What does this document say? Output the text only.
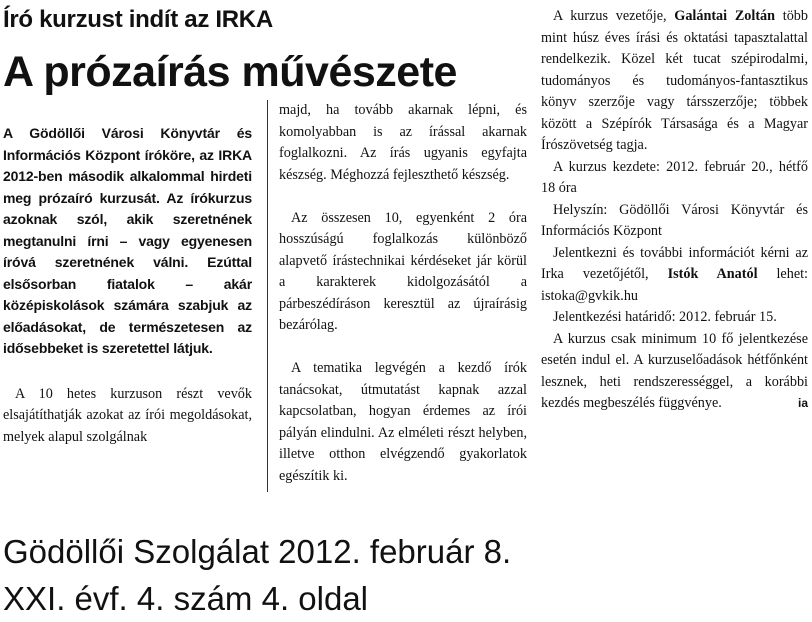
Író kurzust indít az IRKA
A prózaírás művészete

A Gödöllői Városi Könyvtár és Információs Központ íróköre, az IRKA 2012-ben második alkalommal hirdeti meg prózaíró kurzusát. Az írókurzus azoknak szól, akik szeretnének megtanulni írni – vagy egyenesen íróvá szeretnének válni. Ezúttal elsősorban fiatalok – akár középiskolások számára szabjuk az előadásokat, de természetesen az idősebbeket is szeretettel látjuk.

A 10 hetes kurzuson részt vevők elsajátíthatják azokat az írói megoldásokat, melyek alapul szolgálnak

majd, ha tovább akarnak lépni, és komolyabban is az írással akarnak foglalkozni. Az írás ugyanis egyfajta készség. Méghozzá fejleszthető készség.

Az összesen 10, egyenként 2 óra hosszúságú foglalkozás különböző alapvető írástechnikai kérdéseket jár körül a karakterek kidolgozásától a párbeszédíráson keresztül az újraírásig bezárólag.

A tematika legvégén a kezdő írók tanácsokat, útmutatást kapnak azzal kapcsolatban, hogyan érdemes az írói pályán elindulni. Az elméleti részt helyben, illetve otthon elvégzendő gyakorlatok egészítik ki.

A kurzus vezetője, Galántai Zoltán több mint húsz éves írási és oktatási tapasztalattal rendelkezik. Közel két tucat szépirodalmi, tudományos és tudományos-fantasztikus könyv szerzője vagy társszerzője; többek között a Szépírók Társasága és a Magyar Írószövetség tagja.

A kurzus kezdete: 2012. február 20., hétfő 18 óra

Helyszín: Gödöllői Városi Könyvtár és Információs Központ

Jelentkezni és további információt kérni az Irka vezetőjétől, Istók Anatól lehet: istoka@gvkik.hu

Jelentkezési határidő: 2012. február 15.

A kurzus csak minimum 10 fő jelentkezése esetén indul el. A kurzuselőadások hétfőnként lesznek, heti rendszerességgel, a korábbi kezdés megbeszélés függvénye.	ia

Gödöllői Szolgálat 2012. február 8.
XXI. évf. 4. szám 4. oldal
